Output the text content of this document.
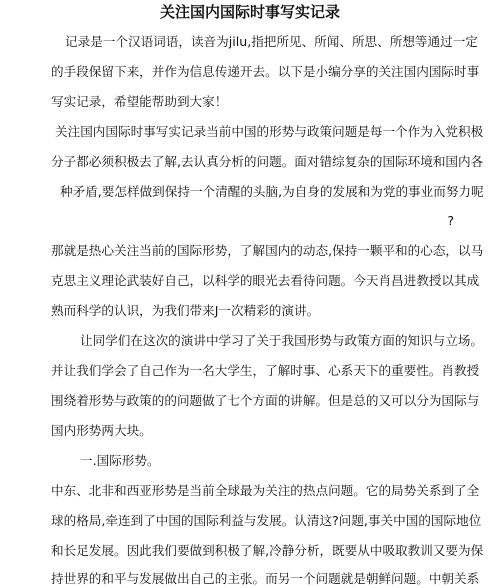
关注国内国际时事写实记录
记录是一个汉语词语，读音为jilu,指把所见、所闻、所思、所想等通过一定
的手段保留下来，并作为信息传递开去。以下是小编分享的关注国内国际时事
写实记录，希望能帮助到大家！
关注国内国际时事写实记录当前中国的形势与政策问题是每一个作为入党积极
分子都必须积极去了解,去认真分析的问题。面对错综复杂的国际环境和国内各
种矛盾,要怎样做到保持一个清醒的头脑,为自身的发展和为党的事业而努力呢
?
那就是热心关注当前的国际形势，了解国内的动态,保持一颗平和的心态，以马
克思主义理论武装好自己，以科学的眼光去看待问题。今天肖昌进教授以其成
熟而科学的认识，为我们带来J一次精彩的演讲。
让同学们在这次的演讲中学习了关于我国形势与政策方面的知识与立场。
并让我们学会了自己作为一名大学生，了解时事、心系天下的重要性。肖教授
围绕着形势与政策的的问题做了七个方面的讲解。但是总的又可以分为国际与
国内形势两大块。
一.国际形势。
中东、北非和西亚形势是当前全球最为关注的热点问题。它的局势关系到了全
球的格局,牵连到了中国的国际利益与发展。认清这?问题,事关中国的国际地位
和长足发展。因此我们要做到积极了解,冷静分析，既要从中吸取教训又要为保
持世界的和平与发展做出自己的主张。而另一个问题就是朝鲜问题。中朝关系
